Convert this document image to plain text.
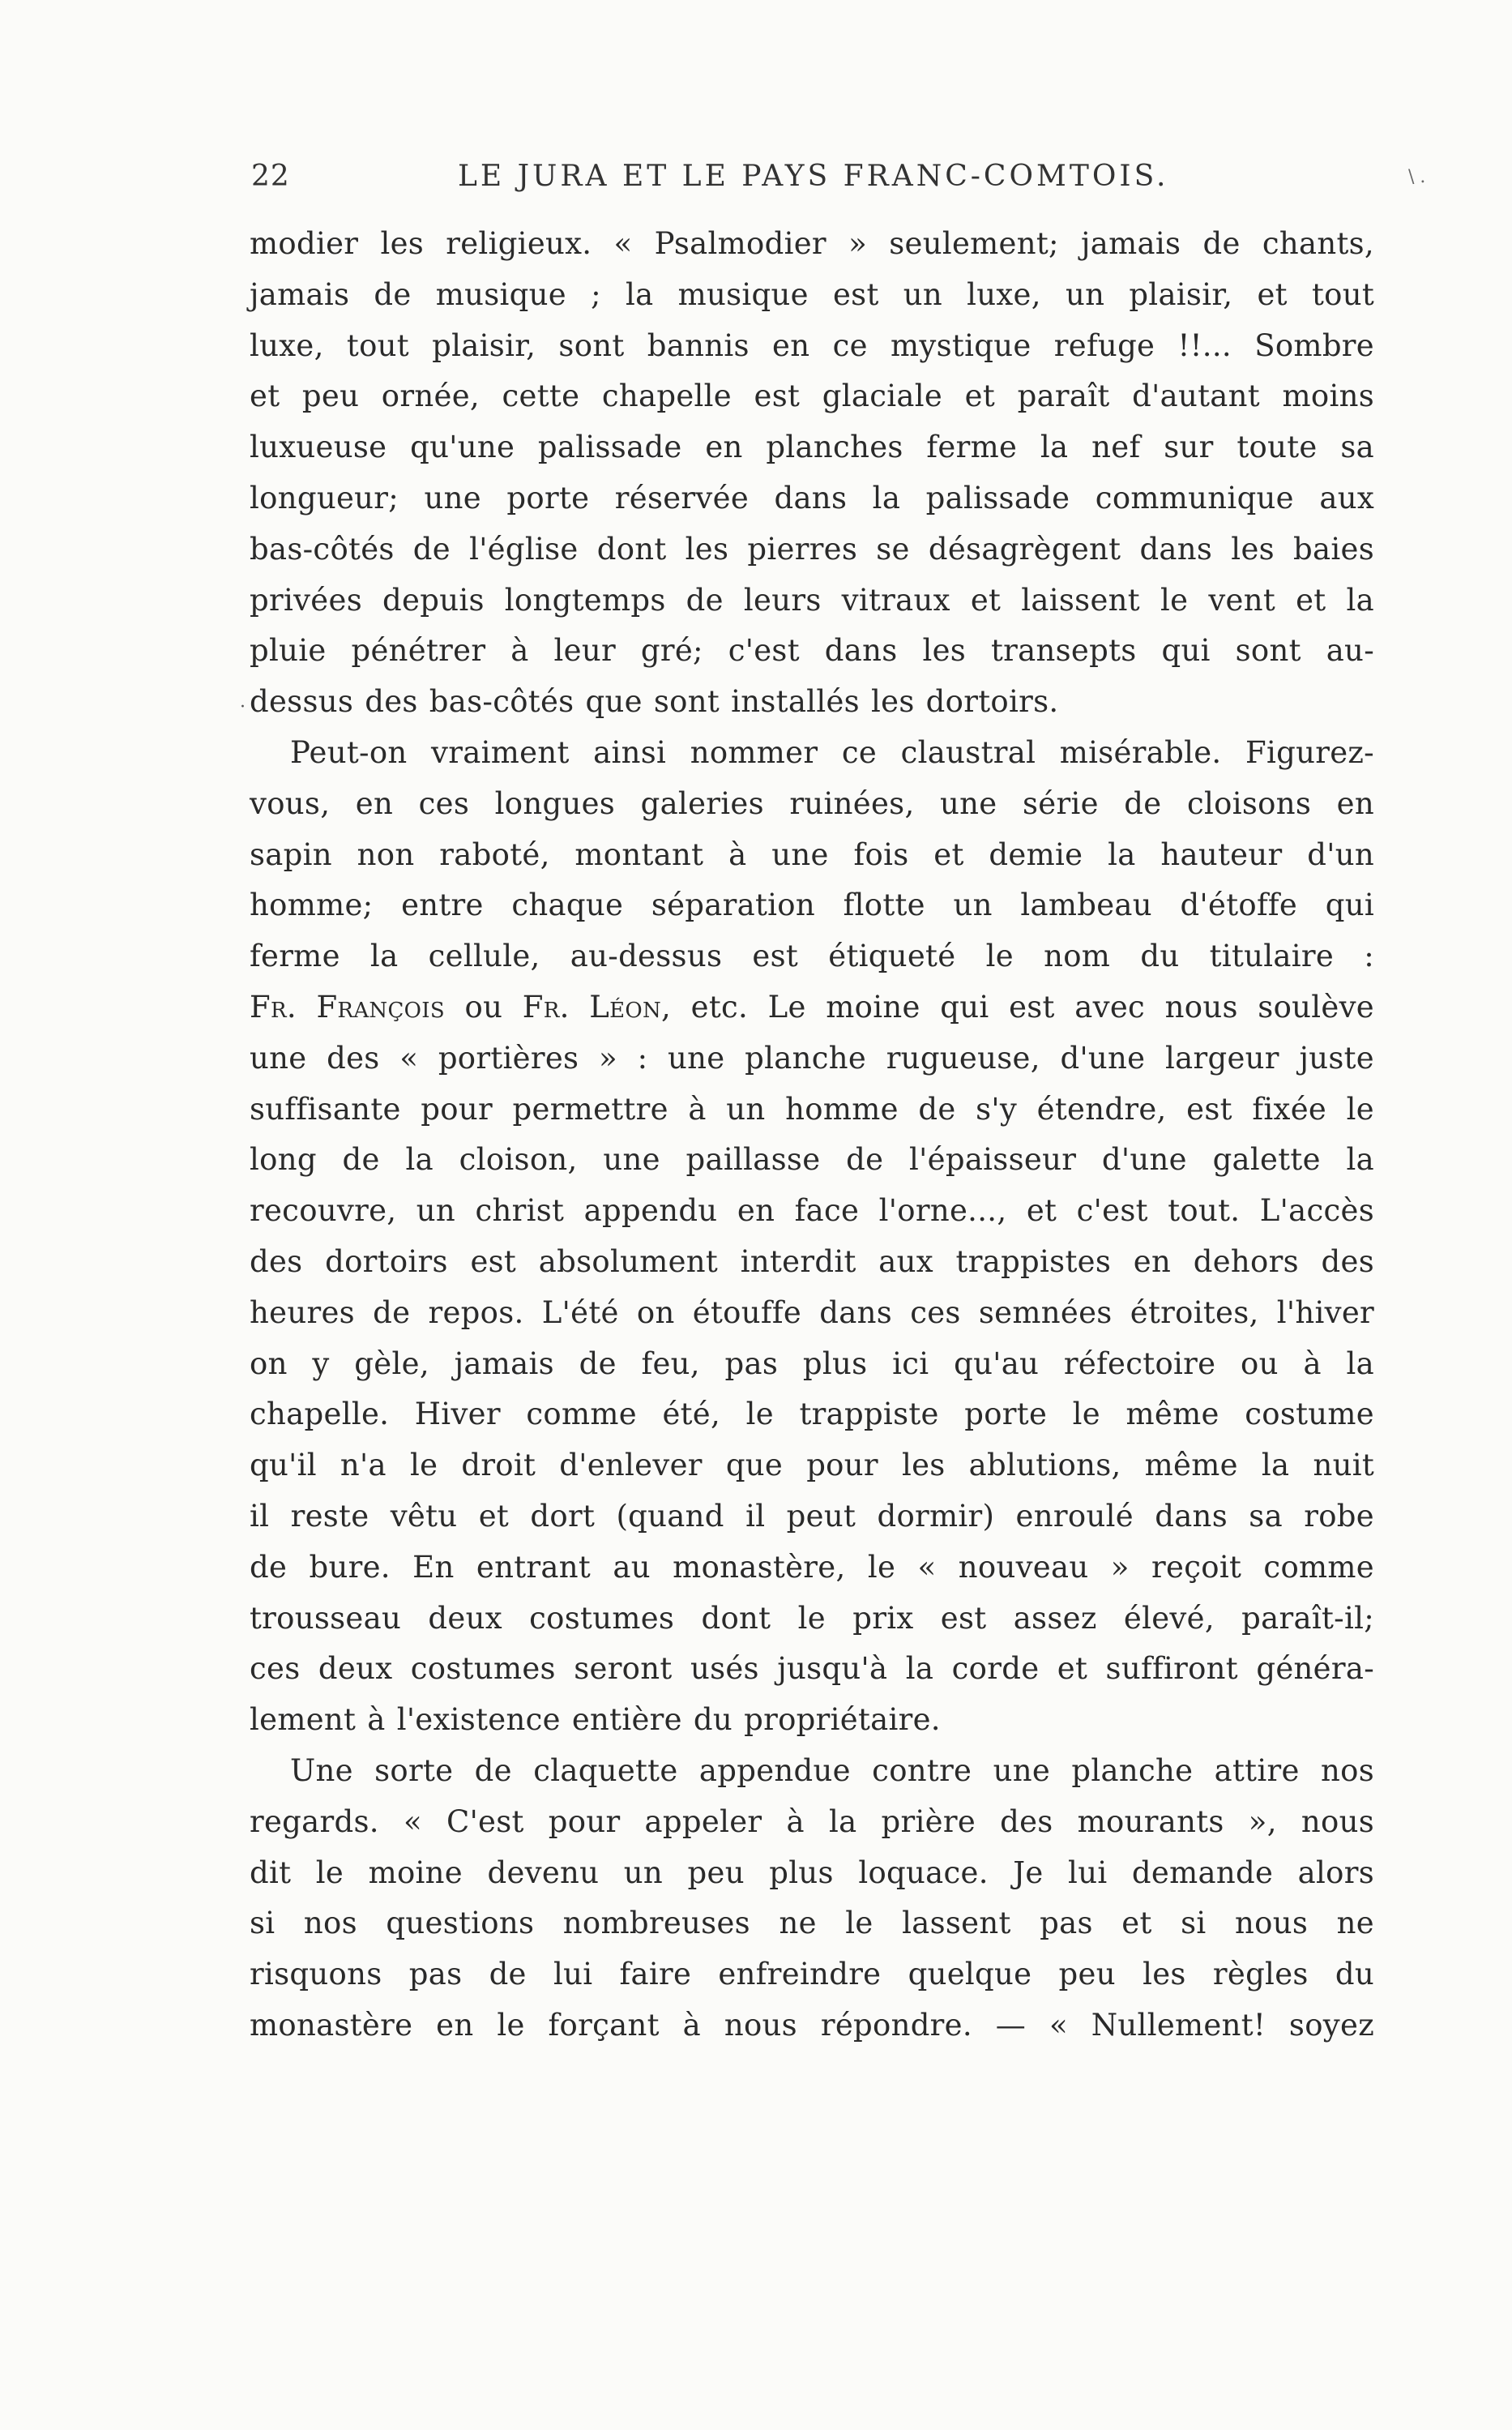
22	LE JURA ET LE PAYS FRANC-COMTOIS.	\ .
·
modier les religieux. « Psalmodier » seulement; jamais de chants,
jamais de musique ; la musique est un luxe, un plaisir, et tout
luxe, tout plaisir, sont bannis en ce mystique refuge !!... Sombre
et peu ornée, cette chapelle est glaciale et paraît d'autant moins
luxueuse qu'une palissade en planches ferme la nef sur toute sa
longueur; une porte réservée dans la palissade communique aux
bas-côtés de l'église dont les pierres se désagrègent dans les baies
privées depuis longtemps de leurs vitraux et laissent le vent et la
pluie pénétrer à leur gré; c'est dans les transepts qui sont au-
dessus des bas-côtés que sont installés les dortoirs.
Peut-on vraiment ainsi nommer ce claustral misérable. Figurez-
vous, en ces longues galeries ruinées, une série de cloisons en
sapin non raboté, montant à une fois et demie la hauteur d'un
homme; entre chaque séparation flotte un lambeau d'étoffe qui
ferme la cellule, au-dessus est étiqueté le nom du titulaire :
Fr. François ou Fr. Léon, etc. Le moine qui est avec nous soulève
une des « portières » : une planche rugueuse, d'une largeur juste
suffisante pour permettre à un homme de s'y étendre, est fixée le
long de la cloison, une paillasse de l'épaisseur d'une galette la
recouvre, un christ appendu en face l'orne..., et c'est tout. L'accès
des dortoirs est absolument interdit aux trappistes en dehors des
heures de repos. L'été on étouffe dans ces semnées étroites, l'hiver
on y gèle, jamais de feu, pas plus ici qu'au réfectoire ou à la
chapelle. Hiver comme été, le trappiste porte le même costume
qu'il n'a le droit d'enlever que pour les ablutions, même la nuit
il reste vêtu et dort (quand il peut dormir) enroulé dans sa robe
de bure. En entrant au monastère, le « nouveau » reçoit comme
trousseau deux costumes dont le prix est assez élevé, paraît-il;
ces deux costumes seront usés jusqu'à la corde et suffiront généra-
lement à l'existence entière du propriétaire.
Une sorte de claquette appendue contre une planche attire nos
regards. « C'est pour appeler à la prière des mourants », nous
dit le moine devenu un peu plus loquace. Je lui demande alors
si nos questions nombreuses ne le lassent pas et si nous ne
risquons pas de lui faire enfreindre quelque peu les règles du
monastère en le forçant à nous répondre. — « Nullement! soyez
